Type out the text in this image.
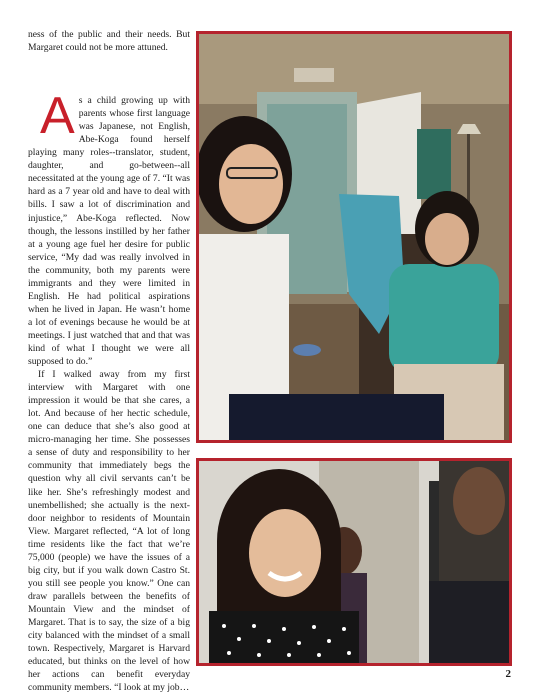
ness of the public and their needs. But Margaret could not be more attuned.

As a child growing up with parents whose first language was Japanese, not English, Abe-Koga found herself playing many roles--translator, student, daughter, and go-between--all necessitated at the young age of 7. “It was hard as a 7 year old and have to deal with bills. I saw a lot of discrimination and injustice,” Abe-Koga reflected. Now though, the lessons instilled by her father at a young age fuel her desire for public service, “My dad was really involved in the community, both my parents were immigrants and they were limited in English. He had political aspirations when he lived in Japan. He wasn’t home a lot of evenings because he would be at meetings. I just watched that and that was kind of what I thought we were all supposed to do.”

If I walked away from my first interview with Margaret with one impression it would be that she cares, a lot. And because of her hectic schedule, one can deduce that she’s also good at micro-managing her time. She possesses a sense of duty and responsibility to her community that immediately begs the question why all civil servants can’t be like her. She’s refreshingly modest and unembellished; she actually is the next-door neighbor to residents of Mountain View. Margaret reflected, “A lot of long time residents like the fact that we’re 75,000 (people) we have the issues of a big city, but if you walk down Castro St. you still see people you know.” One can draw parallels between the benefits of Mountain View and the mindset of Margaret. That is to say, the size of a big city balanced with the mindset of a small town. Respectively, Margaret is Harvard educated, but thinks on the level of how her actions can benefit everyday community members. “I look at my job…

2
